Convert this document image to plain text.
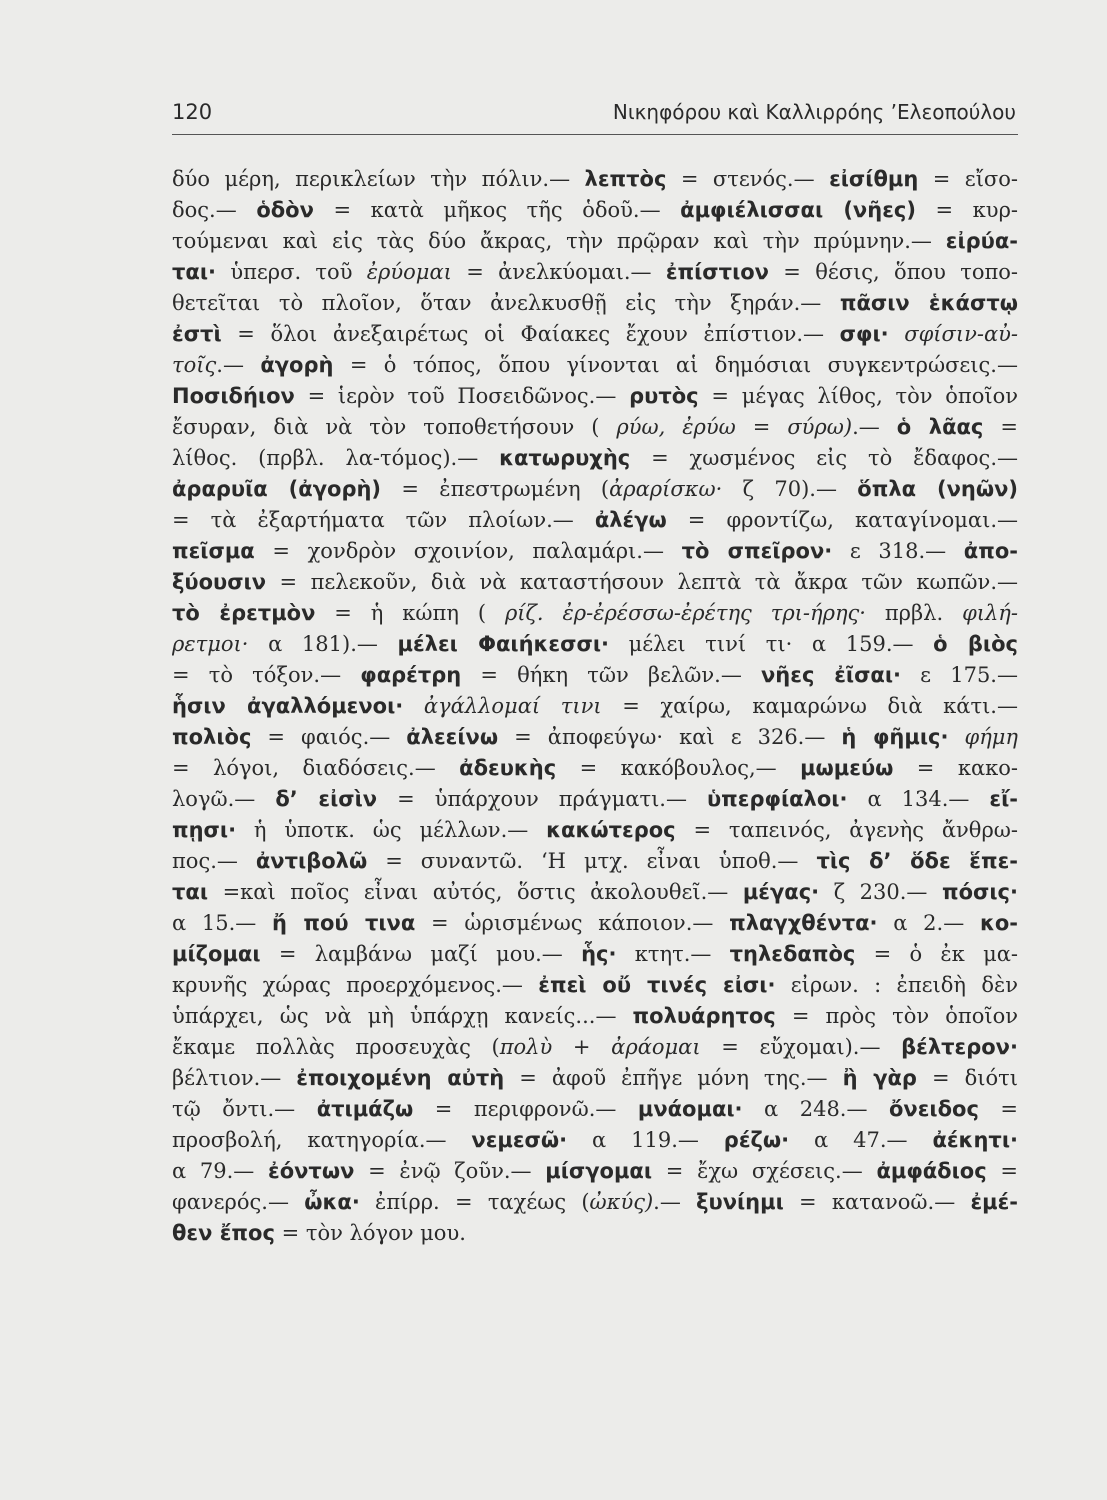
120	Νικηφόρου καὶ Καλλιρρόης ’Ελεοπούλου
δύο μέρη, περικλείων τὴν πόλιν.— λεπτὸς = στενός.— εἰσίθμη = εἴσο-
δος.— ὁδὸν = κατὰ μῆκος τῆς ὁδοῦ.— ἀμφιέλισσαι (νῆες) = κυρ-
τούμεναι καὶ εἰς τὰς δύο ἄκρας, τὴν πρῷραν καὶ τὴν πρύμνην.— εἰρύα-
ται· ὑπερσ. τοῦ ἐρύομαι = ἀνελκύομαι.— ἐπίστιον = θέσις, ὅπου τοπο-
θετεῖται τὸ πλοῖον, ὅταν ἀνελκυσθῇ εἰς τὴν ξηράν.— πᾶσιν ἑκάστῳ
ἐστὶ = ὅλοι ἀνεξαιρέτως οἱ Φαίακες ἔχουν ἐπίστιον.— σφι· σφίσιν-αὐ-
τοῖς.— ἀγορὴ = ὁ τόπος, ὅπου γίνονται αἱ δημόσιαι συγκεντρώσεις.—
Ποσιδήιον = ἱερὸν τοῦ Ποσειδῶνος.— ρυτὸς = μέγας λίθος, τὸν ὁποῖον
ἔσυραν, διὰ νὰ τὸν τοποθετήσουν ( ρύω, ἐρύω = σύρω).— ὁ λᾶας =
λίθος. (πρβλ. λα-τόμος).— κατωρυχὴς = χωσμένος εἰς τὸ ἔδαφος.—
ἀραρυῖα (ἀγορὴ) = ἐπεστρωμένη (ἀραρίσκω· ζ 70).— ὅπλα (νηῶν)
= τὰ ἐξαρτήματα τῶν πλοίων.— ἀλέγω = φροντίζω, καταγίνομαι.—
πεῖσμα = χονδρὸν σχοινίον, παλαμάρι.— τὸ σπεῖρον· ε 318.— ἀπο-
ξύουσιν = πελεκοῦν, διὰ νὰ καταστήσουν λεπτὰ τὰ ἄκρα τῶν κωπῶν.—
τὸ ἐρετμὸν = ἡ κώπη ( ρίζ. ἐρ-ἐρέσσω-ἐρέτης τρι-ήρης· πρβλ. φιλή-
ρετμοι· α 181).— μέλει Φαιήκεσσι· μέλει τινί τι· α 159.— ὁ βιὸς
= τὸ τόξον.— φαρέτρη = θήκη τῶν βελῶν.— νῆες ἐῖσαι· ε 175.—
ἧσιν ἀγαλλόμενοι· ἀγάλλομαί τινι = χαίρω, καμαρώνω διὰ κάτι.—
πολιὸς = φαιός.— ἀλεείνω = ἀποφεύγω· καὶ ε 326.— ἡ φῆμις· φήμη
= λόγοι, διαδόσεις.— ἀδευκὴς = κακόβουλος,— μωμεύω = κακο-
λογῶ.— δ’ εἰσὶν = ὑπάρχουν πράγματι.— ὑπερφίαλοι· α 134.— εἴ-
πῃσι· ἡ ὑποτκ. ὡς μέλλων.— κακώτερος = ταπεινός, ἀγενὴς ἄνθρω-
πος.— ἀντιβολῶ = συναντῶ. ‘Η μτχ. εἶναι ὑποθ.— τὶς δ’ ὅδε ἕπε-
ται =καὶ ποῖος εἶναι αὐτός, ὅστις ἀκολουθεῖ.— μέγας· ζ 230.— πόσις·
α 15.— ἤ πού τινα = ὡρισμένως κάποιον.— πλαγχθέντα· α 2.— κο-
μίζομαι = λαμβάνω μαζί μου.— ἧς· κτητ.— τηλεδαπὸς = ὁ ἐκ μα-
κρυνῆς χώρας προερχόμενος.— ἐπεὶ οὔ τινές εἰσι· εἰρων. : ἐπειδὴ δὲν
ὑπάρχει, ὡς νὰ μὴ ὑπάρχῃ κανείς...— πολυάρητος = πρὸς τὸν ὁποῖον
ἔκαμε πολλὰς προσευχὰς (πολὺ + ἀράομαι = εὔχομαι).— βέλτερον·
βέλτιον.— ἐποιχομένη αὐτὴ = ἀφοῦ ἐπῆγε μόνη της.— ἢ γὰρ = διότι
τῷ ὄντι.— ἀτιμάζω = περιφρονῶ.— μνάομαι· α 248.— ὄνειδος =
προσβολή, κατηγορία.— νεμεσῶ· α 119.— ρέζω· α 47.— ἀέκητι·
α 79.— ἐόντων = ἐνῷ ζοῦν.— μίσγομαι = ἔχω σχέσεις.— ἀμφάδιος =
φανερός.— ὦκα· ἐπίρρ. = ταχέως (ὠκύς).— ξυνίημι = κατανοῶ.— ἐμέ-
θεν ἔπος = τὸν λόγον μου.
